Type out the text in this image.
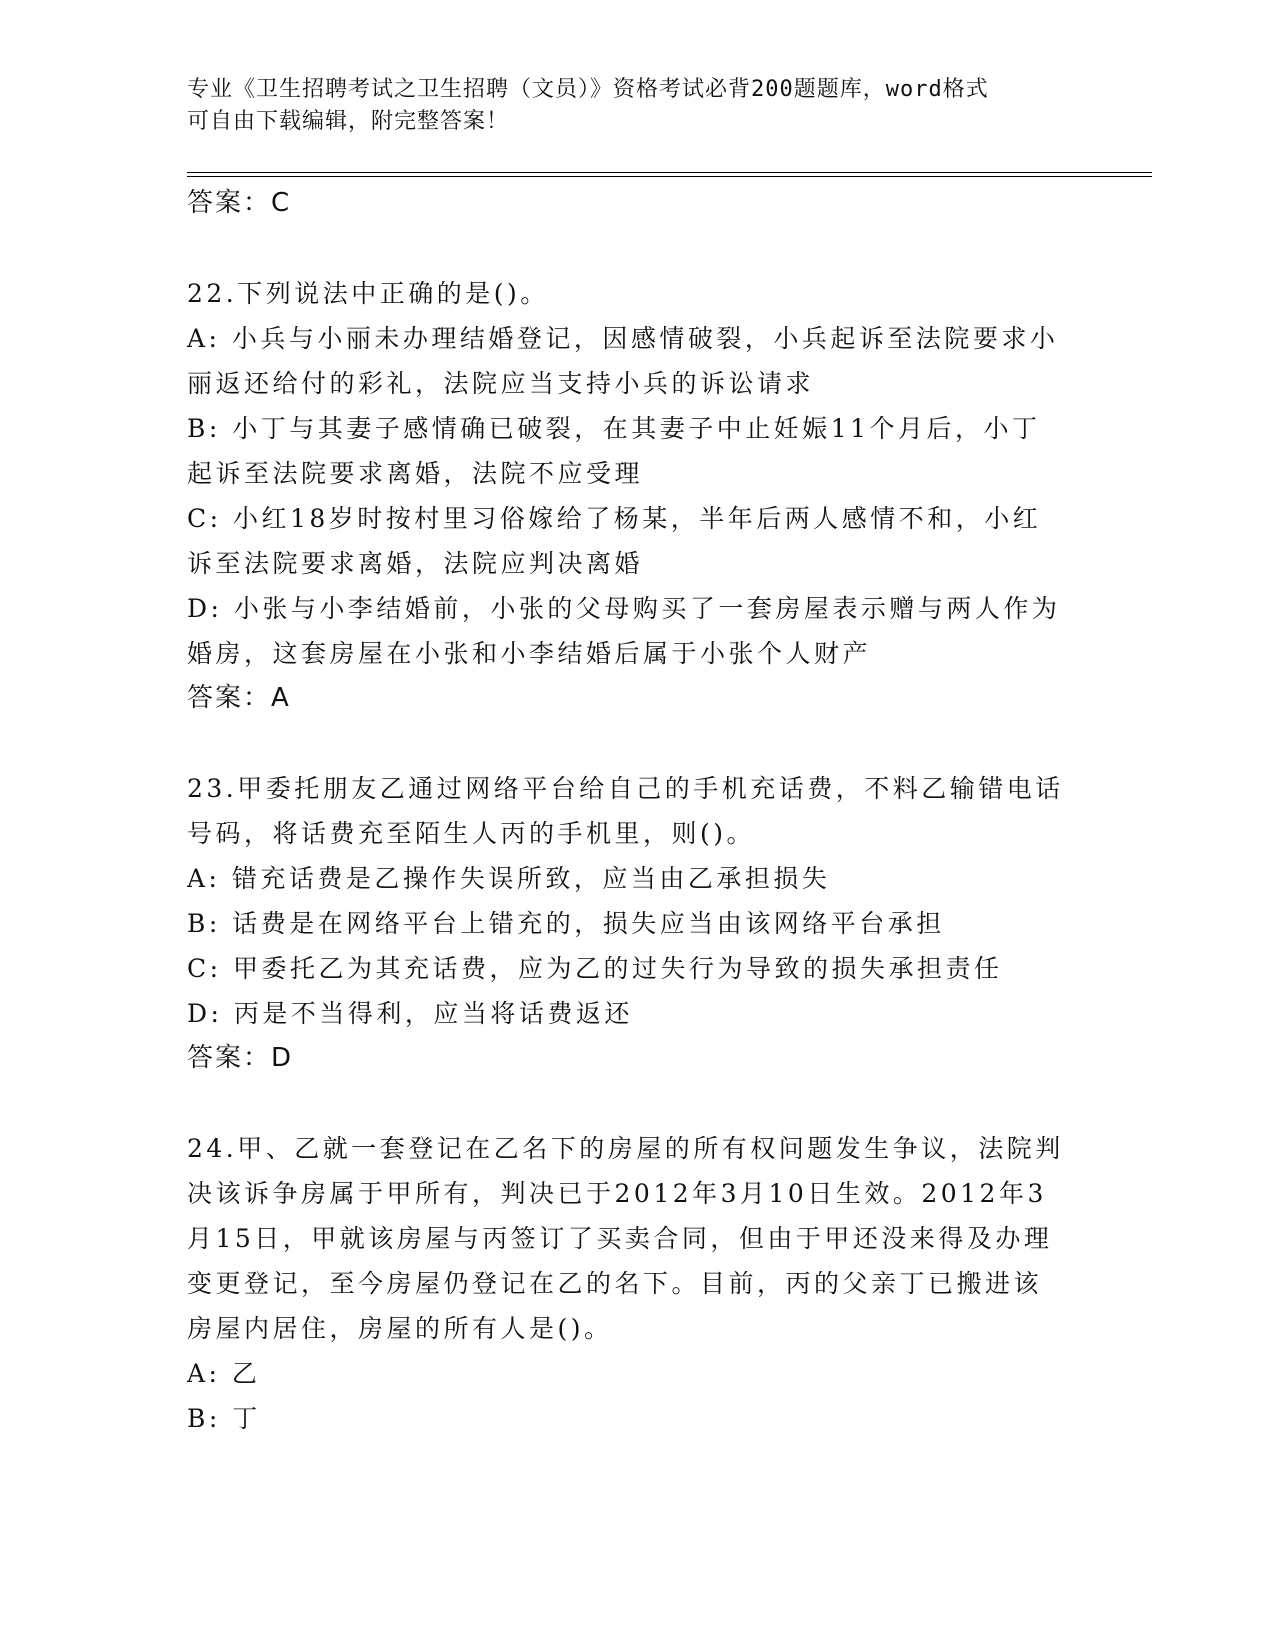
专业《卫生招聘考试之卫生招聘（文员）》资格考试必背200题题库，word格式
可自由下载编辑，附完整答案！
答案：C
22.下列说法中正确的是()。
A: 小兵与小丽未办理结婚登记，因感情破裂，小兵起诉至法院要求小
丽返还给付的彩礼，法院应当支持小兵的诉讼请求
B: 小丁与其妻子感情确已破裂，在其妻子中止妊娠11个月后，小丁
起诉至法院要求离婚，法院不应受理
C: 小红18岁时按村里习俗嫁给了杨某，半年后两人感情不和，小红
诉至法院要求离婚，法院应判决离婚
D: 小张与小李结婚前，小张的父母购买了一套房屋表示赠与两人作为
婚房，这套房屋在小张和小李结婚后属于小张个人财产
答案：A
23.甲委托朋友乙通过网络平台给自己的手机充话费，不料乙输错电话
号码，将话费充至陌生人丙的手机里，则()。
A: 错充话费是乙操作失误所致，应当由乙承担损失
B: 话费是在网络平台上错充的，损失应当由该网络平台承担
C: 甲委托乙为其充话费，应为乙的过失行为导致的损失承担责任
D: 丙是不当得利，应当将话费返还
答案：D
24.甲、乙就一套登记在乙名下的房屋的所有权问题发生争议，法院判
决该诉争房属于甲所有，判决已于2012年3月10日生效。2012年3
月15日，甲就该房屋与丙签订了买卖合同，但由于甲还没来得及办理
变更登记，至今房屋仍登记在乙的名下。目前，丙的父亲丁已搬进该
房屋内居住，房屋的所有人是()。
A: 乙
B: 丁
